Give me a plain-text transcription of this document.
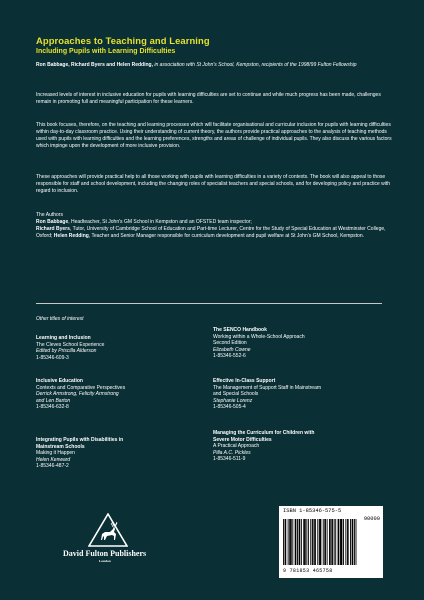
Approaches to Teaching and Learning
Including Pupils with Learning Difficulties
Ron Babbage, Richard Byers and Helen Redding, in association with St John's School, Kempston, recipients of the 1998/99 Fulton Fellowship
Increased levels of interest in inclusive education for pupils with learning difficulties are set to continue and while much progress has been made, challenges remain in promoting full and meaningful participation for these learners.
This book focuses, therefore, on the teaching and learning processes which will facilitate organisational and curricular inclusion for pupils with learning difficulties within day-to-day classroom practice. Using their understanding of current theory, the authors provide practical approaches to the analysis of teaching methods used with pupils with learning difficulties and the learning preferences, strengths and areas of challenge of individual pupils. They also discuss the various factors which impinge upon the development of more inclusive provision.
These approaches will provide practical help to all those working with pupils with learning difficulties in a variety of contexts. The book will also appeal to those responsible for staff and school development, including the changing roles of specialist teachers and special schools, and for developing policy and practice with regard to inclusion.
The Authors
Ron Babbage, Headteacher, St John's GM School in Kempston and an OFSTED team inspector;
Richard Byers, Tutor, University of Cambridge School of Education and Part-time Lecturer, Centre for the Study of Special Education at Westminster College, Oxford; Helen Redding, Teacher and Senior Manager responsible for curriculum development and pupil welfare at St John's GM School, Kempston.
Other titles of interest
Learning and Inclusion
The Cleves School Experience
Edited by Priscilla Alderson
1-85346-609-3
Inclusive Education
Contexts and Comparative Perspectives
Derrick Armstrong, Felicity Armstrong
and Len Barton
1-85346-632-8
Integrating Pupils with Disabilities in
Mainstream Schools
Making it Happen
Helen Kenward
1-85346-487-2
The SENCO Handbook
Working within a Whole-School Approach
Second Edition
Elizabeth Cowne
1-85346-552-6
Effective In-Class Support
The Management of Support Staff in Mainstream
and Special Schools
Stephanie Lorenz
1-85346-505-4
Managing the Curriculum for Children with
Severe Motor Difficulties
A Practical Approach
Pilla A.C. Pickles
1-85346-511-9
David Fulton Publishers
London
ISBN 1-85346-575-5
90000
9 781853 465758
